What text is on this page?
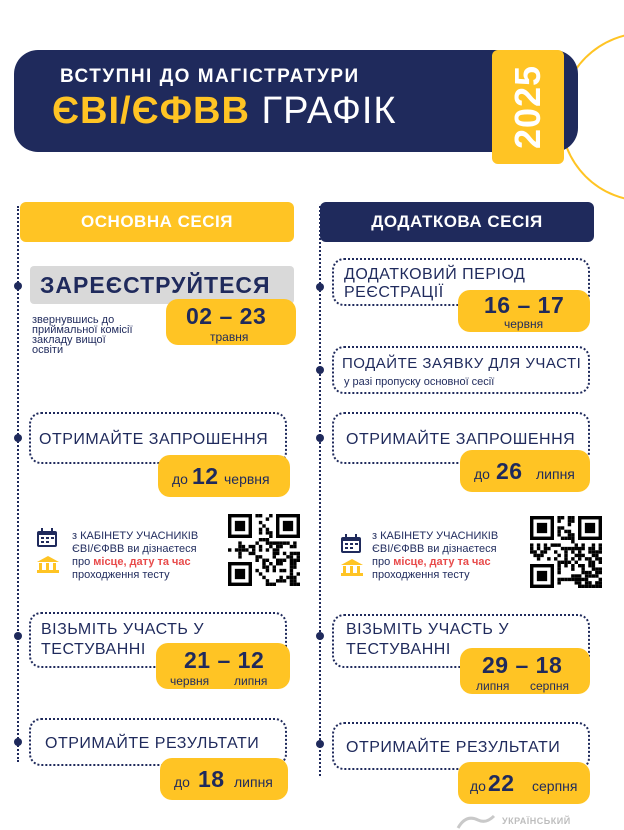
ВСТУПНІ ДО МАГІСТРАТУРИ
ЄВІ/ЄФВВ ГРАФІК	2025
ОСНОВНА СЕСІЯ	ДОДАТКОВА СЕСІЯ
ЗАРЕЄСТРУЙТЕСЯ
звернувшись до
приймальної комісії
закладу вищої
освіти
02 – 23
травня
ОТРИМАЙТЕ ЗАПРОШЕННЯ
до 12 червня
з КАБІНЕТУ УЧАСНИКІВ
ЄВІ/ЄФВВ ви дізнаєтеся
про місце, дату та час
проходження тесту
ВІЗЬМІТЬ УЧАСТЬ У
ТЕСТУВАННІ 21 – 12
червня липня
ОТРИМАЙТЕ РЕЗУЛЬТАТИ
до 18 липня
ДОДАТКОВИЙ ПЕРІОД
РЕЄСТРАЦІЇ 16 – 17
червня
ПОДАЙТЕ ЗАЯВКУ ДЛЯ УЧАСТІ
у разі пропуску основної сесії
ОТРИМАЙТЕ ЗАПРОШЕННЯ
до 26 липня
з КАБІНЕТУ УЧАСНИКІВ
ЄВІ/ЄФВВ ви дізнаєтеся
про місце, дату та час
проходження тесту
ВІЗЬМІТЬ УЧАСТЬ У
ТЕСТУВАННІ
29 – 18
липня серпня
ОТРИМАЙТЕ РЕЗУЛЬТАТИ
до 22 серпня
УКРАЇНСЬКИЙ
